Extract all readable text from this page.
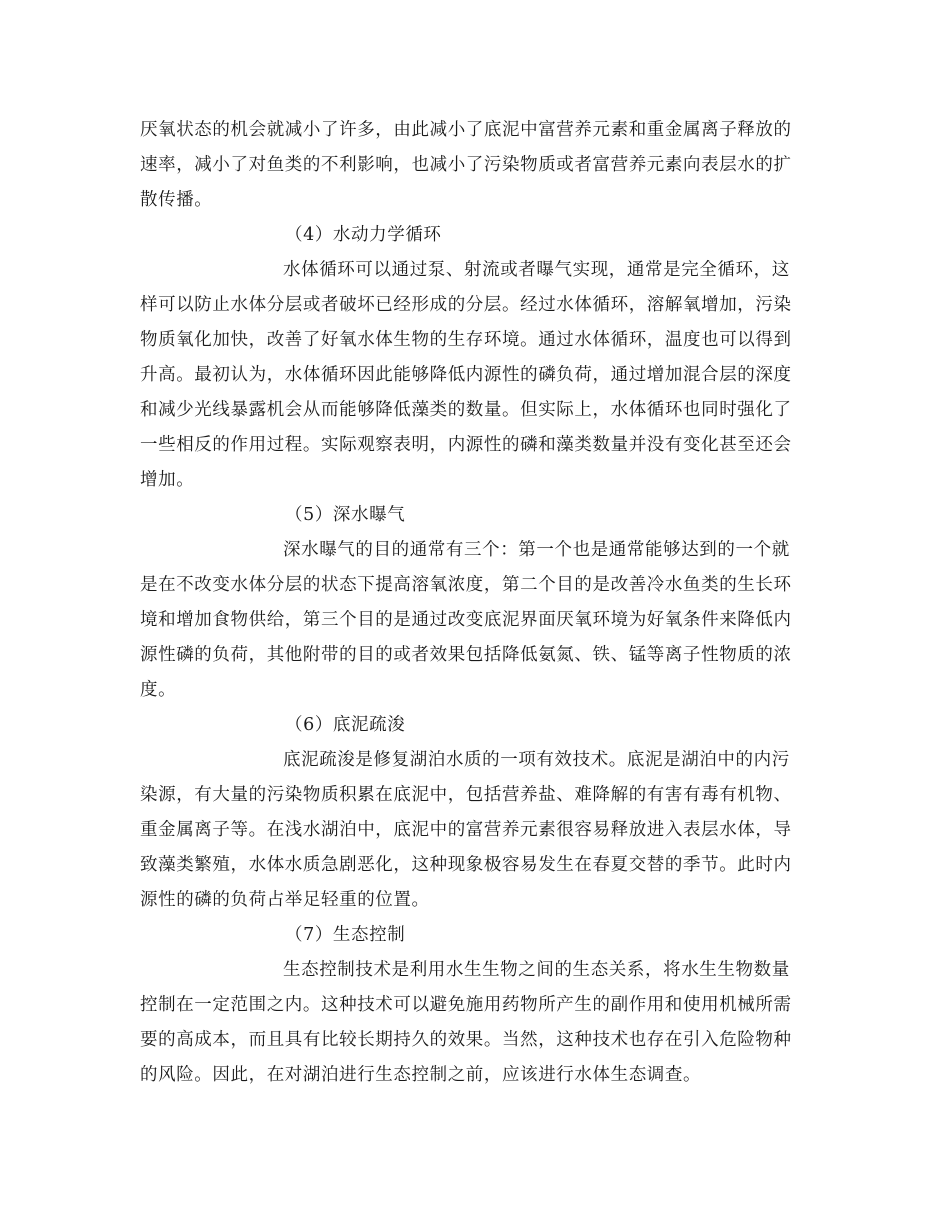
厌氧状态的机会就减小了许多，由此减小了底泥中富营养元素和重金属离子释放的

速率，减小了对鱼类的不利影响，也减小了污染物质或者富营养元素向表层水的扩

散传播。

（4）水动力学循环

水体循环可以通过泵、射流或者曝气实现，通常是完全循环，这

样可以防止水体分层或者破坏已经形成的分层。经过水体循环，溶解氧增加，污染

物质氧化加快，改善了好氧水体生物的生存环境。通过水体循环，温度也可以得到

升高。最初认为，水体循环因此能够降低内源性的磷负荷，通过增加混合层的深度

和减少光线暴露机会从而能够降低藻类的数量。但实际上，水体循环也同时强化了

一些相反的作用过程。实际观察表明，内源性的磷和藻类数量并没有变化甚至还会

增加。

（5）深水曝气

深水曝气的目的通常有三个：第一个也是通常能够达到的一个就

是在不改变水体分层的状态下提高溶氧浓度，第二个目的是改善冷水鱼类的生长环

境和增加食物供给，第三个目的是通过改变底泥界面厌氧环境为好氧条件来降低内

源性磷的负荷，其他附带的目的或者效果包括降低氨氮、铁、锰等离子性物质的浓

度。

（6）底泥疏浚

底泥疏浚是修复湖泊水质的一项有效技术。底泥是湖泊中的内污

染源，有大量的污染物质积累在底泥中，包括营养盐、难降解的有害有毒有机物、

重金属离子等。在浅水湖泊中，底泥中的富营养元素很容易释放进入表层水体，导

致藻类繁殖，水体水质急剧恶化，这种现象极容易发生在春夏交替的季节。此时内

源性的磷的负荷占举足轻重的位置。

（7）生态控制

生态控制技术是利用水生生物之间的生态关系，将水生生物数量

控制在一定范围之内。这种技术可以避免施用药物所产生的副作用和使用机械所需

要的高成本，而且具有比较长期持久的效果。当然，这种技术也存在引入危险物种

的风险。因此，在对湖泊进行生态控制之前，应该进行水体生态调查。
